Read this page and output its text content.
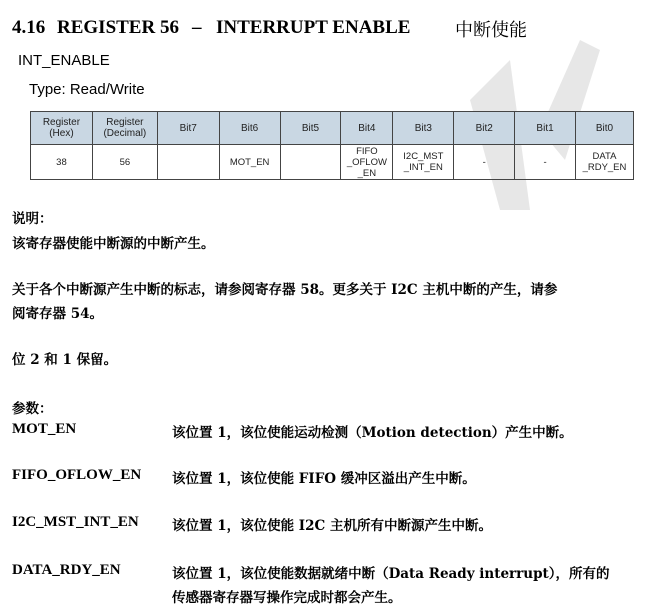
4.16 REGISTER 56 – INTERRUPT ENABLE 中断使能
INT_ENABLE
Type: Read/Write
Register (Hex)	Register (Decimal)	Bit7	Bit6	Bit5	Bit4	Bit3	Bit2	Bit1	Bit0
38	56		MOT_EN		FIFO _OFLOW _EN	I2C_MST _INT_EN	-	-	DATA _RDY_EN
说明：
该寄存器使能中断源的中断产生。
关于各个中断源产生中断的标志，请参阅寄存器 58。更多关于 I2C 主机中断的产生，请参
阅寄存器 54。
位 2 和 1 保留。
参数：
MOT_EN	该位置 1，该位使能运动检测（Motion detection）产生中断。
FIFO_OFLOW_EN 该位置 1，该位使能 FIFO 缓冲区溢出产生中断。
I2C_MST_INT_EN 该位置 1，该位使能 I2C 主机所有中断源产生中断。
DATA_RDY_EN	该位置 1，该位使能数据就绪中断（Data Ready interrupt），所有的
传感器寄存器写操作完成时都会产生。
